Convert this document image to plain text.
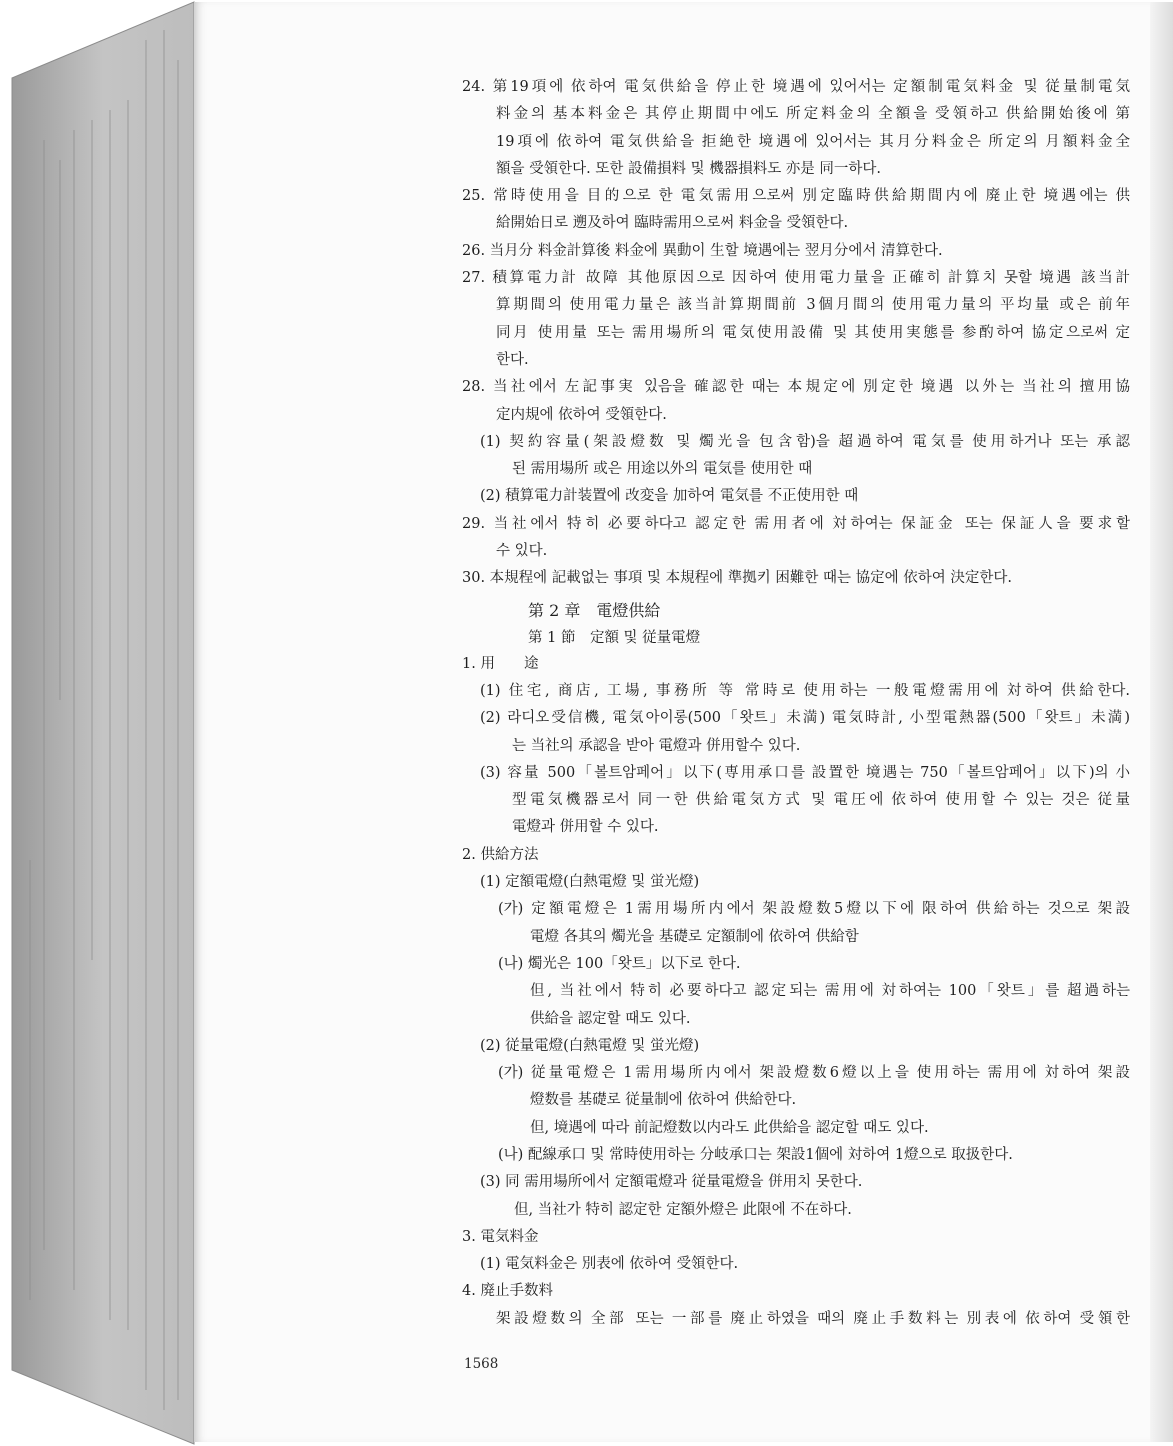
24. 第19項에 依하여 電気供給을 停止한 境遇에 있어서는 定額制電気料金 및 従量制電気
料金의 基本料金은 其停止期間中에도 所定料金의 全額을 受領하고 供給開始後에 第
19項에 依하여 電気供給을 拒絶한 境遇에 있어서는 其月分料金은 所定의 月額料金全
額을 受領한다. 또한 設備損料 및 機器損料도 亦是 同一하다.
25. 常時使用을 目的으로 한 電気需用으로써 別定臨時供給期間内에 廃止한 境遇에는 供
給開始日로 遡及하여 臨時需用으로써 料金을 受領한다.
26. 当月分 料金計算後 料金에 異動이 生할 境遇에는 翌月分에서 清算한다.
27. 積算電力計 故障 其他原因으로 因하여 使用電力量을 正確히 計算치 못할 境遇 該当計
算期間의 使用電力量은 該当計算期間前 3個月間의 使用電力量의 平均量 或은 前年
同月 使用量 또는 需用場所의 電気使用設備 및 其使用実態를 参酌하여 協定으로써 定
한다.
28. 当社에서 左記事実 있음을 確認한 때는 本規定에 別定한 境遇 以外는 当社의 擅用協
定内規에 依하여 受領한다.
(1) 契約容量(架設燈数 및 燭光을 包含함)을 超過하여 電気를 使用하거나 또는 承認
된 需用場所 或은 用途以外의 電気를 使用한 때
(2) 積算電力計装置에 改変을 加하여 電気를 不正使用한 때
29. 当社에서 特히 必要하다고 認定한 需用者에 対하여는 保証金 또는 保証人을 要求할
수 있다.
30. 本規程에 記載없는 事項 및 本規程에 準拠키 困難한 때는 協定에 依하여 決定한다.
第 2 章　電燈供給
第 1 節　定額 및 従量電燈
1. 用　　途
(1) 住宅, 商店, 工場, 事務所 等 常時로 使用하는 一般電燈需用에 対하여 供給한다.
(2) 라디오受信機, 電気아이롱(500「왓트」未満) 電気時計, 小型電熱器(500「왓트」未満)
는 当社의 承認을 받아 電燈과 併用할수 있다.
(3) 容量 500「볼트암페어」以下(専用承口를 設置한 境遇는 750「볼트암페어」以下)의 小
型電気機器로서 同一한 供給電気方式 및 電圧에 依하여 使用할 수 있는 것은 従量
電燈과 併用할 수 있다.
2. 供給方法
(1) 定額電燈(白熱電燈 및 蛍光燈)
(가) 定額電燈은 1需用場所内에서 架設燈数5燈以下에 限하여 供給하는 것으로 架設
電燈 各其의 燭光을 基礎로 定額制에 依하여 供給함
(나) 燭光은 100「왓트」以下로 한다.
但, 当社에서 特히 必要하다고 認定되는 需用에 対하여는 100「왓트」를 超過하는
供給을 認定할 때도 있다.
(2) 従量電燈(白熱電燈 및 蛍光燈)
(가) 従量電燈은 1需用場所内에서 架設燈数6燈以上을 使用하는 需用에 対하여 架設
燈数를 基礎로 従量制에 依하여 供給한다.
但, 境遇에 따라 前記燈数以内라도 此供給을 認定할 때도 있다.
(나) 配線承口 및 常時使用하는 分岐承口는 架設1個에 対하여 1燈으로 取扱한다.
(3) 同 需用場所에서 定額電燈과 従量電燈을 併用치 못한다.
但, 当社가 特히 認定한 定額外燈은 此限에 不在하다.
3. 電気料金
(1) 電気料金은 別表에 依하여 受領한다.
4. 廃止手数料
架設燈数의 全部 또는 一部를 廃止하였을 때의 廃止手数料는 別表에 依하여 受領한
1568
